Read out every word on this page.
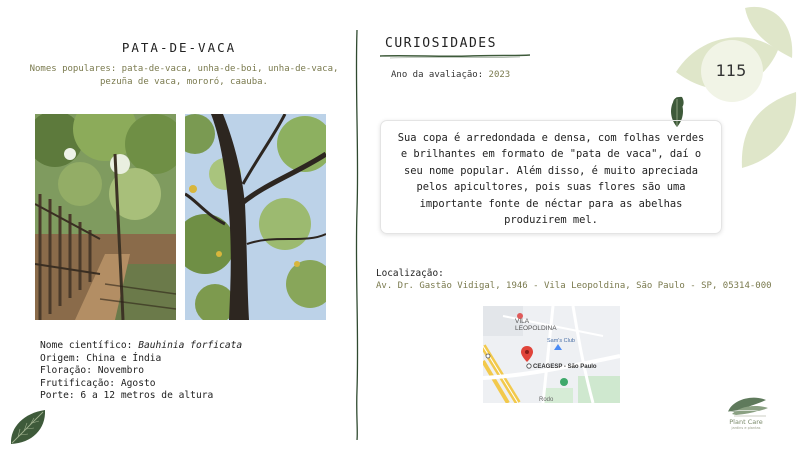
PATA-DE-VACA
Nomes populares: pata-de-vaca, unha-de-boi, unha-de-vaca, pezuña de vaca, mororó, caauba.
Nome científico: Bauhinia forficata
Origem: China e Índia
Floração: Novembro
Frutificação: Agosto
Porte: 6 a 12 metros de altura
CURIOSIDADES
Ano da avaliação: 2023	115
Sua copa é arredondada e densa, com folhas verdes e brilhantes em formato de "pata de vaca", daí o seu nome popular. Além disso, é muito apreciada pelos apicultores, pois suas flores são uma importante fonte de néctar para as abelhas produzirem mel.
Localização:
Av. Dr. Gastão Vidigal, 1946 - Vila Leopoldina, São Paulo - SP, 05314-000
VILA
LEOPOLDINA
Sam's Club
CEAGESP - São Paulo
Rodo
Plant Care
jardins e plantas
